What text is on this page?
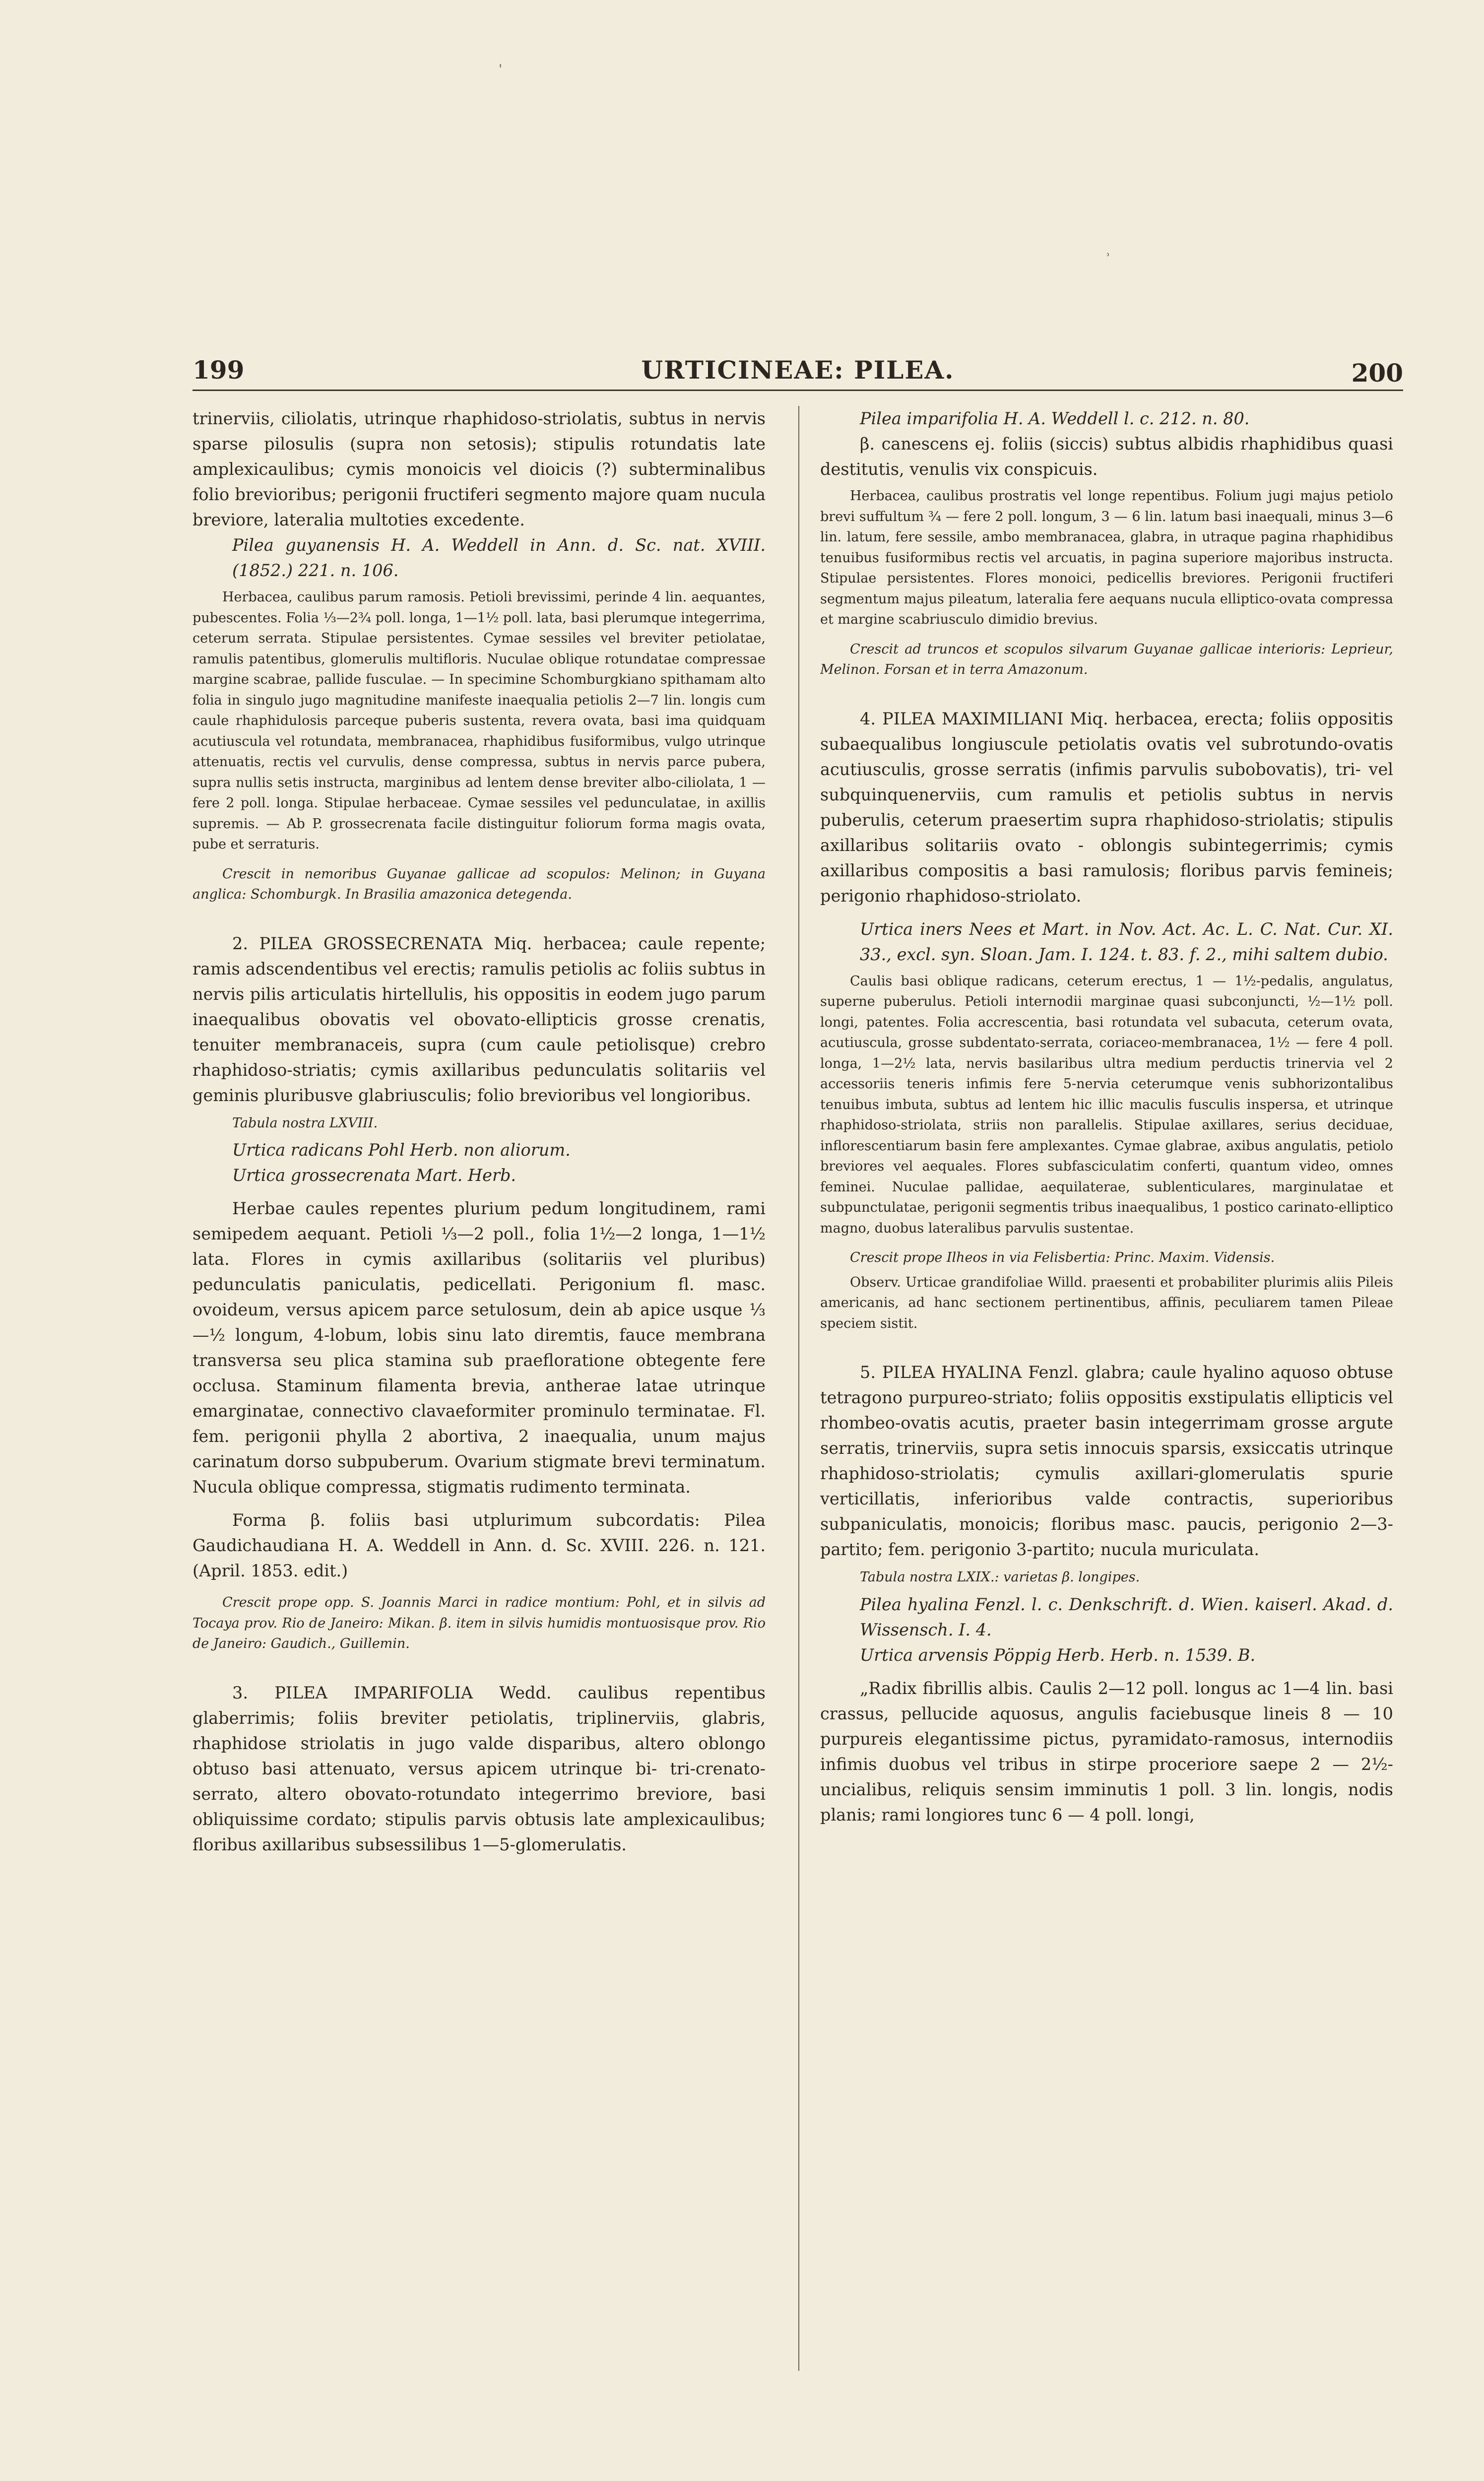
˒
'
199	URTICINEAE: PILEA.	200

trinerviis, ciliolatis, utrinque rhaphidoso-striolatis, subtus in nervis sparse pilosulis (supra non setosis); stipulis rotundatis late amplexicaulibus; cymis monoicis vel dioicis (?) subterminalibus folio brevioribus; perigonii fructiferi segmento majore quam nucula breviore, lateralia multoties excedente.

Pilea guyanensis H. A. Weddell in Ann. d. Sc. nat. XVIII. (1852.) 221. n. 106.

Herbacea, caulibus parum ramosis. Petioli brevissimi, perinde 4 lin. aequantes, pubescentes. Folia ⅓—2¾ poll. longa, 1—1½ poll. lata, basi plerumque integerrima, ceterum serrata. Stipulae persistentes. Cymae sessiles vel breviter petiolatae, ramulis patentibus, glomerulis multifloris. Nuculae oblique rotundatae compressae margine scabrae, pallide fusculae. — In specimine Schomburgkiano spithamam alto folia in singulo jugo magnitudine manifeste inaequalia petiolis 2—7 lin. longis cum caule rhaphidulosis parceque puberis sustenta, revera ovata, basi ima quidquam acutiuscula vel rotundata, membranacea, rhaphidibus fusiformibus, vulgo utrinque attenuatis, rectis vel curvulis, dense compressa, subtus in nervis parce pubera, supra nullis setis instructa, marginibus ad lentem dense breviter albo-ciliolata, 1 — fere 2 poll. longa. Stipulae herbaceae. Cymae sessiles vel pedunculatae, in axillis supremis. — Ab P. grossecrenata facile distinguitur foliorum forma magis ovata, pube et serraturis.

Crescit in nemoribus Guyanae gallicae ad scopulos: Melinon; in Guyana anglica: Schomburgk. In Brasilia amazonica detegenda.

2. PILEA GROSSECRENATA Miq. herbacea; caule repente; ramis adscendentibus vel erectis; ramulis petiolis ac foliis subtus in nervis pilis articulatis hirtellulis, his oppositis in eodem jugo parum inaequalibus obovatis vel obovato-ellipticis grosse crenatis, tenuiter membranaceis, supra (cum caule petiolisque) crebro rhaphidoso-striatis; cymis axillaribus pedunculatis solitariis vel geminis pluribusve glabriusculis; folio brevioribus vel longioribus.

Tabula nostra LXVIII.

Urtica radicans Pohl Herb. non aliorum.

Urtica grossecrenata Mart. Herb.

Herbae caules repentes plurium pedum longitudinem, rami semipedem aequant. Petioli ⅓—2 poll., folia 1½—2 longa, 1—1½ lata. Flores in cymis axillaribus (solitariis vel pluribus) pedunculatis paniculatis, pedicellati. Perigonium fl. masc. ovoideum, versus apicem parce setulosum, dein ab apice usque ⅓—½ longum, 4-lobum, lobis sinu lato diremtis, fauce membrana transversa seu plica stamina sub praefloratione obtegente fere occlusa. Staminum filamenta brevia, antherae latae utrinque emarginatae, connectivo clavaeformiter prominulo terminatae. Fl. fem. perigonii phylla 2 abortiva, 2 inaequalia, unum majus carinatum dorso subpuberum. Ovarium stigmate brevi terminatum. Nucula oblique compressa, stigmatis rudimento terminata.

Forma β. foliis basi utplurimum subcordatis: Pilea Gaudichaudiana H. A. Weddell in Ann. d. Sc. XVIII. 226. n. 121. (April. 1853. edit.)

Crescit prope opp. S. Joannis Marci in radice montium: Pohl, et in silvis ad Tocaya prov. Rio de Janeiro: Mikan. β. item in silvis humidis montuosisque prov. Rio de Janeiro: Gaudich., Guillemin.

3. PILEA IMPARIFOLIA Wedd. caulibus repentibus glaberrimis; foliis breviter petiolatis, triplinerviis, glabris, rhaphidose striolatis in jugo valde disparibus, altero oblongo obtuso basi attenuato, versus apicem utrinque bi- tri-crenato-serrato, altero obovato-rotundato integerrimo breviore, basi obliquissime cordato; stipulis parvis obtusis late amplexicaulibus; floribus axillaribus subsessilibus 1—5-glomerulatis.

Pilea imparifolia H. A. Weddell l. c. 212. n. 80.

β. canescens ej. foliis (siccis) subtus albidis rhaphidibus quasi destitutis, venulis vix conspicuis.

Herbacea, caulibus prostratis vel longe repentibus. Folium jugi majus petiolo brevi suffultum ¾ — fere 2 poll. longum, 3 — 6 lin. latum basi inaequali, minus 3—6 lin. latum, fere sessile, ambo membranacea, glabra, in utraque pagina rhaphidibus tenuibus fusiformibus rectis vel arcuatis, in pagina superiore majoribus instructa. Stipulae persistentes. Flores monoici, pedicellis breviores. Perigonii fructiferi segmentum majus pileatum, lateralia fere aequans nucula elliptico-ovata compressa et margine scabriusculo dimidio brevius.

Crescit ad truncos et scopulos silvarum Guyanae gallicae interioris: Leprieur, Melinon. Forsan et in terra Amazonum.

4. PILEA MAXIMILIANI Miq. herbacea, erecta; foliis oppositis subaequalibus longiuscule petiolatis ovatis vel subrotundo-ovatis acutiusculis, grosse serratis (infimis parvulis subobovatis), tri- vel subquinquenerviis, cum ramulis et petiolis subtus in nervis puberulis, ceterum praesertim supra rhaphidoso-striolatis; stipulis axillaribus solitariis ovato - oblongis subintegerrimis; cymis axillaribus compositis a basi ramulosis; floribus parvis femineis; perigonio rhaphidoso-striolato.

Urtica iners Nees et Mart. in Nov. Act. Ac. L. C. Nat. Cur. XI. 33., excl. syn. Sloan. Jam. I. 124. t. 83. f. 2., mihi saltem dubio.

Caulis basi oblique radicans, ceterum erectus, 1 — 1½-pedalis, angulatus, superne puberulus. Petioli internodii marginae quasi subconjuncti, ½—1½ poll. longi, patentes. Folia accrescentia, basi rotundata vel subacuta, ceterum ovata, acutiuscula, grosse subdentato-serrata, coriaceo-membranacea, 1½ — fere 4 poll. longa, 1—2½ lata, nervis basilaribus ultra medium perductis trinervia vel 2 accessoriis teneris infimis fere 5-nervia ceterumque venis subhorizontalibus tenuibus imbuta, subtus ad lentem hic illic maculis fusculis inspersa, et utrinque rhaphidoso-striolata, striis non parallelis. Stipulae axillares, serius deciduae, inflorescentiarum basin fere amplexantes. Cymae glabrae, axibus angulatis, petiolo breviores vel aequales. Flores subfasciculatim conferti, quantum video, omnes feminei. Nuculae pallidae, aequilaterae, sublenticulares, marginulatae et subpunctulatae, perigonii segmentis tribus inaequalibus, 1 postico carinato-elliptico magno, duobus lateralibus parvulis sustentae.

Crescit prope Ilheos in via Felisbertia: Princ. Maxim. Vidensis.

Observ. Urticae grandifoliae Willd. praesenti et probabiliter plurimis aliis Pileis americanis, ad hanc sectionem pertinentibus, affinis, peculiarem tamen Pileae speciem sistit.

5. PILEA HYALINA Fenzl. glabra; caule hyalino aquoso obtuse tetragono purpureo-striato; foliis oppositis exstipulatis ellipticis vel rhombeo-ovatis acutis, praeter basin integerrimam grosse argute serratis, trinerviis, supra setis innocuis sparsis, exsiccatis utrinque rhaphidoso-striolatis; cymulis axillari-glomerulatis spurie verticillatis, inferioribus valde contractis, superioribus subpaniculatis, monoicis; floribus masc. paucis, perigonio 2—3-partito; fem. perigonio 3-partito; nucula muriculata.

Tabula nostra LXIX.: varietas β. longipes.

Pilea hyalina Fenzl. l. c. Denkschrift. d. Wien. kaiserl. Akad. d. Wissensch. I. 4.

Urtica arvensis Pöppig Herb. Herb. n. 1539. B.

„Radix fibrillis albis. Caulis 2—12 poll. longus ac 1—4 lin. basi crassus, pellucide aquosus, angulis faciebusque lineis 8 — 10 purpureis elegantissime pictus, pyramidato-ramosus, internodiis infimis duobus vel tribus in stirpe proceriore saepe 2 — 2½-uncialibus, reliquis sensim imminutis 1 poll. 3 lin. longis, nodis planis; rami longiores tunc 6 — 4 poll. longi,
